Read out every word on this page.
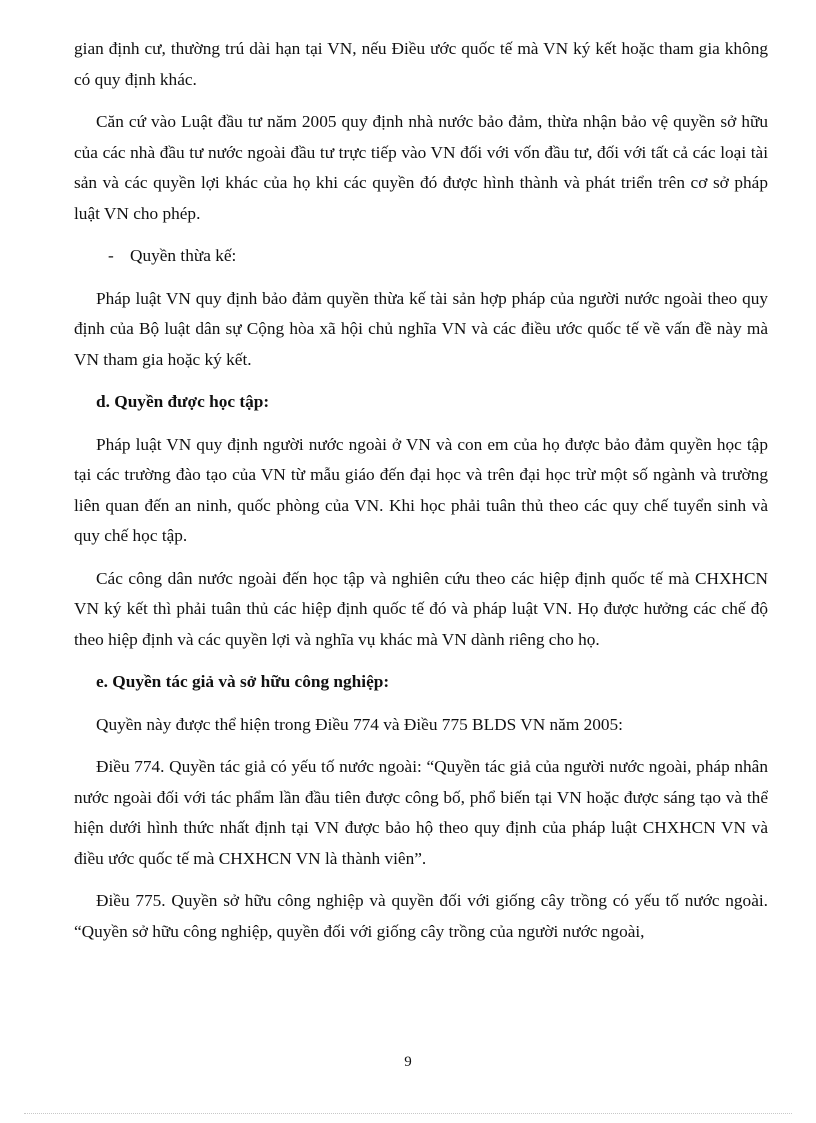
gian định cư, thường trú dài hạn tại VN, nếu Điều ước quốc tế mà VN ký kết hoặc tham gia không có quy định khác.

Căn cứ vào Luật đầu tư năm 2005 quy định nhà nước bảo đảm, thừa nhận bảo vệ quyền sở hữu của các nhà đầu tư nước ngoài đầu tư trực tiếp vào VN đối với vốn đầu tư, đối với tất cả các loại tài sản và các quyền lợi khác của họ khi các quyền đó được hình thành và phát triển trên cơ sở pháp luật VN cho phép.

- Quyền thừa kế:

Pháp luật VN quy định bảo đảm quyền thừa kế tài sản hợp pháp của người nước ngoài theo quy định của Bộ luật dân sự Cộng hòa xã hội chủ nghĩa VN và các điều ước quốc tế về vấn đề này mà VN tham gia hoặc ký kết.

d. Quyền được học tập:

Pháp luật VN quy định người nước ngoài ở VN và con em của họ được bảo đảm quyền học tập tại các trường đào tạo của VN từ mẫu giáo đến đại học và trên đại học trừ một số ngành và trường liên quan đến an ninh, quốc phòng của VN. Khi học phải tuân thủ theo các quy chế tuyển sinh và quy chế học tập.

Các công dân nước ngoài đến học tập và nghiên cứu theo các hiệp định quốc tế mà CHXHCN VN ký kết thì phải tuân thủ các hiệp định quốc tế đó và pháp luật VN. Họ được hưởng các chế độ theo hiệp định và các quyền lợi và nghĩa vụ khác mà VN dành riêng cho họ.

e. Quyền tác giả và sở hữu công nghiệp:

Quyền này được thể hiện trong Điều 774 và Điều 775 BLDS VN năm 2005:

Điều 774. Quyền tác giả có yếu tố nước ngoài: “Quyền tác giả của người nước ngoài, pháp nhân nước ngoài đối với tác phẩm lần đầu tiên được công bố, phổ biến tại VN hoặc được sáng tạo và thể hiện dưới hình thức nhất định tại VN được bảo hộ theo quy định của pháp luật CHXHCN VN và điều ước quốc tế mà CHXHCN VN là thành viên”.

Điều 775. Quyền sở hữu công nghiệp và quyền đối với giống cây trồng có yếu tố nước ngoài. “Quyền sở hữu công nghiệp, quyền đối với giống cây trồng của người nước ngoài,

9
